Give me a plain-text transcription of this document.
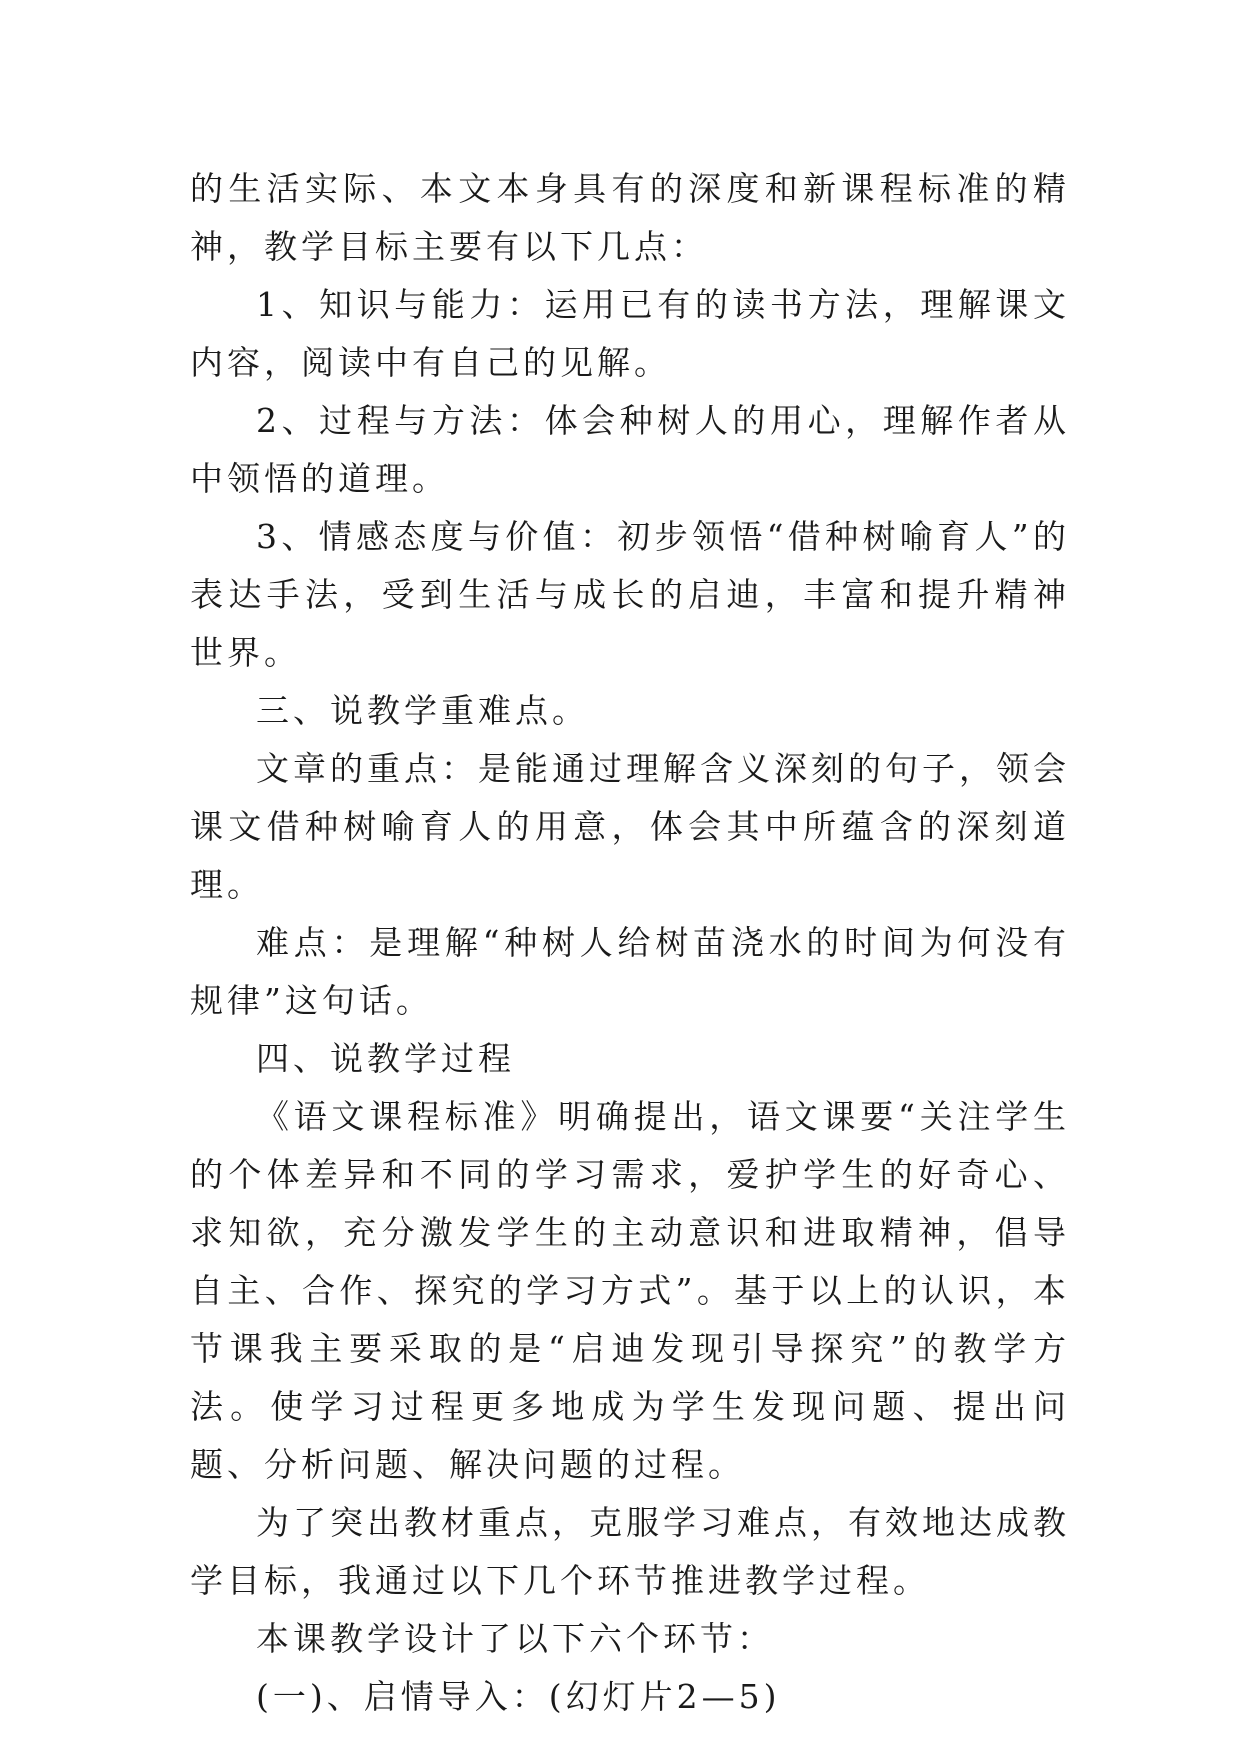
的生活实际、本文本身具有的深度和新课程标准的精神，教学目标主要有以下几点：

1、知识与能力：运用已有的读书方法，理解课文内容，阅读中有自己的见解。

2、过程与方法：体会种树人的用心，理解作者从中领悟的道理。

3、情感态度与价值：初步领悟“借种树喻育人”的表达手法，受到生活与成长的启迪，丰富和提升精神世界。

三、说教学重难点。

文章的重点：是能通过理解含义深刻的句子，领会课文借种树喻育人的用意，体会其中所蕴含的深刻道理。

难点：是理解“种树人给树苗浇水的时间为何没有规律”这句话。

四、说教学过程

《语文课程标准》明确提出，语文课要“关注学生的个体差异和不同的学习需求，爱护学生的好奇心、求知欲，充分激发学生的主动意识和进取精神，倡导自主、合作、探究的学习方式”。基于以上的认识，本节课我主要采取的是“启迪发现引导探究”的教学方法。使学习过程更多地成为学生发现问题、提出问题、分析问题、解决问题的过程。

为了突出教材重点，克服学习难点，有效地达成教学目标，我通过以下几个环节推进教学过程。

本课教学设计了以下六个环节：

(一)、启情导入：(幻灯片2—5)
